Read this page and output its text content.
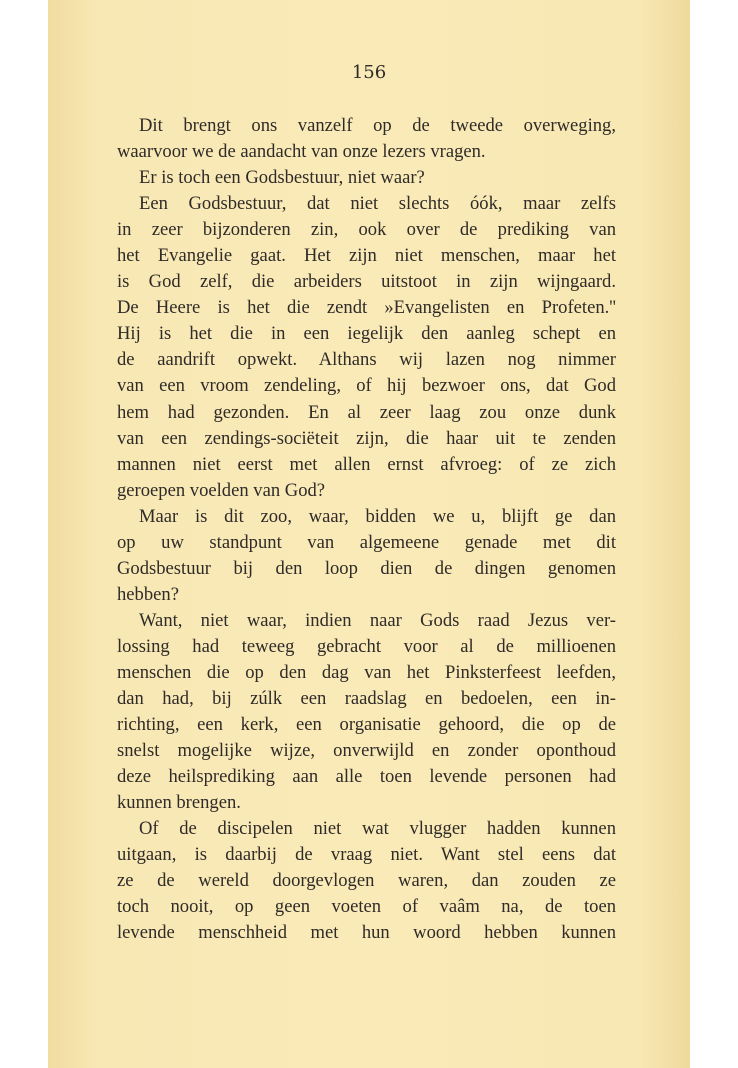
156
Dit brengt ons vanzelf op de tweede overweging,
waarvoor we de aandacht van onze lezers vragen.
Er is toch een Godsbestuur, niet waar?
Een Godsbestuur, dat niet slechts óók, maar zelfs
in zeer bijzonderen zin, ook over de prediking van
het Evangelie gaat. Het zijn niet menschen, maar het
is God zelf, die arbeiders uitstoot in zijn wijngaard.
De Heere is het die zendt »Evangelisten en Profeten.''
Hij is het die in een iegelijk den aanleg schept en
de aandrift opwekt. Althans wij lazen nog nimmer
van een vroom zendeling, of hij bezwoer ons, dat God
hem had gezonden. En al zeer laag zou onze dunk
van een zendings-sociëteit zijn, die haar uit te zenden
mannen niet eerst met allen ernst afvroeg: of ze zich
geroepen voelden van God?
Maar is dit zoo, waar, bidden we u, blijft ge dan
op uw standpunt van algemeene genade met dit
Godsbestuur bij den loop dien de dingen genomen
hebben?
Want, niet waar, indien naar Gods raad Jezus ver-
lossing had teweeg gebracht voor al de millioenen
menschen die op den dag van het Pinksterfeest leefden,
dan had, bij zúlk een raadslag en bedoelen, een in-
richting, een kerk, een organisatie gehoord, die op de
snelst mogelijke wijze, onverwijld en zonder oponthoud
deze heilsprediking aan alle toen levende personen had
kunnen brengen.
Of de discipelen niet wat vlugger hadden kunnen
uitgaan, is daarbij de vraag niet. Want stel eens dat
ze de wereld doorgevlogen waren, dan zouden ze
toch nooit, op geen voeten of vaâm na, de toen
levende menschheid met hun woord hebben kunnen
